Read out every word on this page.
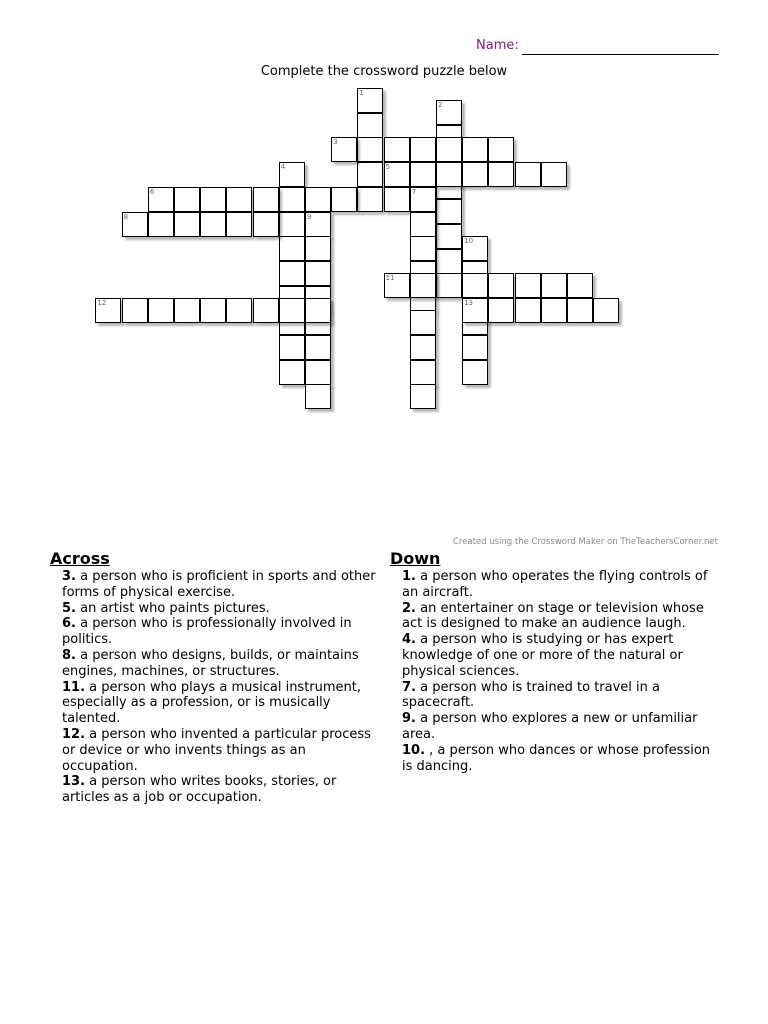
Name:
Complete the crossword puzzle below
1
2
3
4	5
6	7
8	9
10
11
12	13
Created using the Crossword Maker on TheTeachersCorner.net
Across
3. a person who is proficient in sports and other forms of physical exercise.
5. an artist who paints pictures.
6. a person who is professionally involved in politics.
8. a person who designs, builds, or maintains engines, machines, or structures.
11. a person who plays a musical instrument, especially as a profession, or is musically talented.
12. a person who invented a particular process or device or who invents things as an occupation.
13. a person who writes books, stories, or articles as a job or occupation.
Down
1. a person who operates the flying controls of an aircraft.
2. an entertainer on stage or television whose act is designed to make an audience laugh.
4. a person who is studying or has expert knowledge of one or more of the natural or physical sciences.
7. a person who is trained to travel in a spacecraft.
9. a person who explores a new or unfamiliar area.
10. , a person who dances or whose profession is dancing.
